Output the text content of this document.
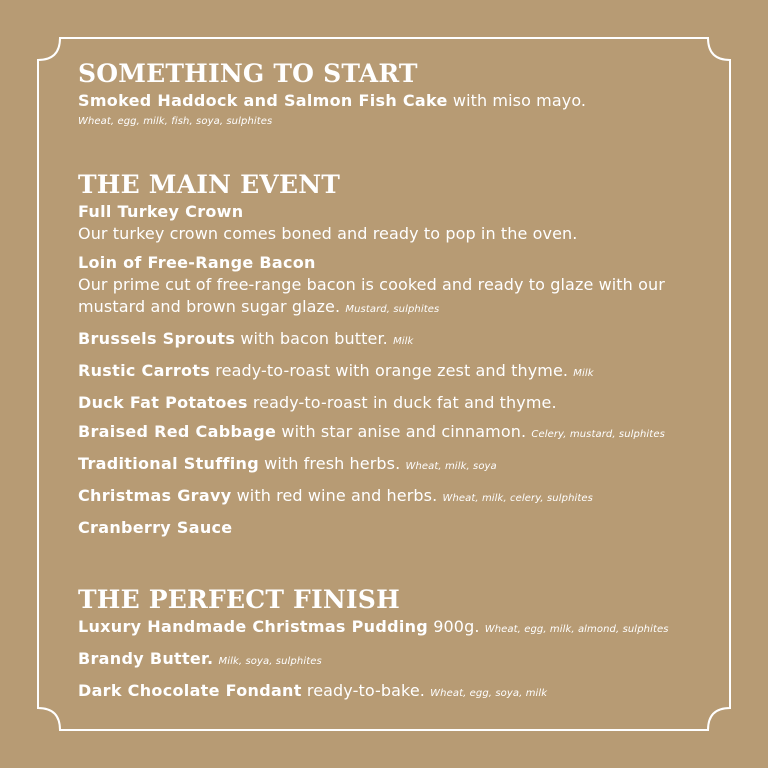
SOMETHING TO START
Smoked Haddock and Salmon Fish Cake with miso mayo.
Wheat, egg, milk, fish, soya, sulphites
THE MAIN EVENT
Full Turkey Crown
Our turkey crown comes boned and ready to pop in the oven.
Loin of Free-Range Bacon
Our prime cut of free-range bacon is cooked and ready to glaze with our mustard and brown sugar glaze. Mustard, sulphites
Brussels Sprouts with bacon butter. Milk
Rustic Carrots ready-to-roast with orange zest and thyme. Milk
Duck Fat Potatoes ready-to-roast in duck fat and thyme.
Braised Red Cabbage with star anise and cinnamon. Celery, mustard, sulphites
Traditional Stuffing with fresh herbs. Wheat, milk, soya
Christmas Gravy with red wine and herbs. Wheat, milk, celery, sulphites
Cranberry Sauce
THE PERFECT FINISH
Luxury Handmade Christmas Pudding 900g. Wheat, egg, milk, almond, sulphites
Brandy Butter. Milk, soya, sulphites
Dark Chocolate Fondant ready-to-bake. Wheat, egg, soya, milk
